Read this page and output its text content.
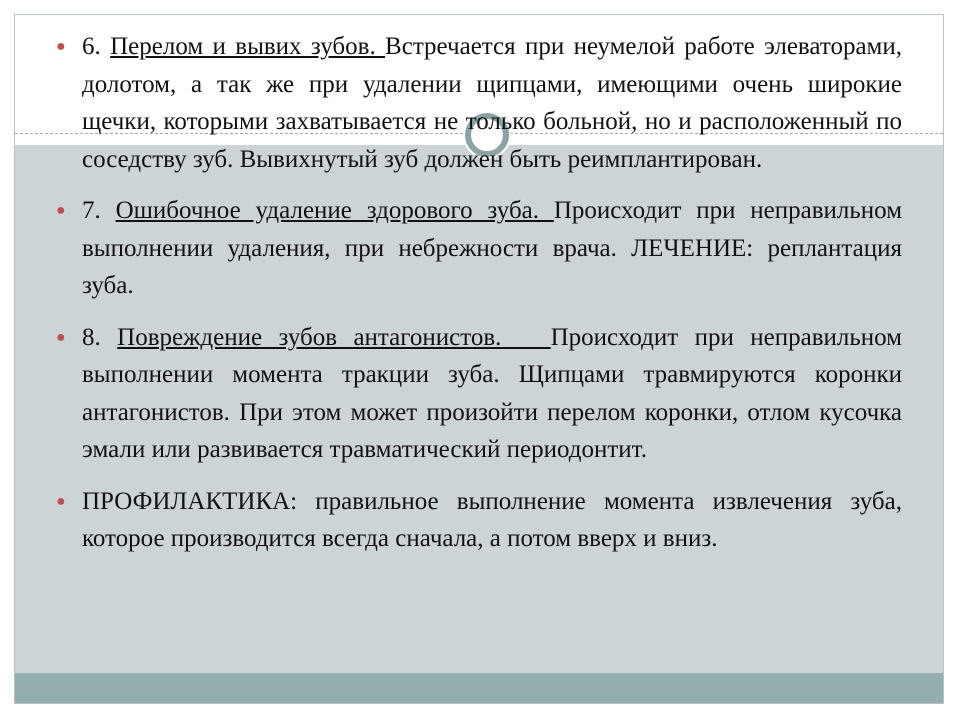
● 6. Перелом и вывих зубов. Встречается при неумелой работе элеваторами, долотом, а так же при удалении щипцами, имеющими очень широкие щечки, которыми захватывается не только больной, но и расположенный по соседству зуб. Вывихнутый зуб должен быть реимплантирован.
● 7. Ошибочное удаление здорового зуба. Происходит при неправильном выполнении удаления, при небрежности врача. ЛЕЧЕНИЕ: реплантация зуба.
● 8. Повреждение зубов антагонистов.   Происходит при неправильном выполнении момента тракции зуба. Щипцами травмируются коронки антагонистов. При этом может произойти перелом коронки, отлом кусочка эмали или развивается травматический периодонтит.
● ПРОФИЛАКТИКА: правильное выполнение момента извлечения зуба, которое производится всегда сначала, а потом вверх и вниз.
